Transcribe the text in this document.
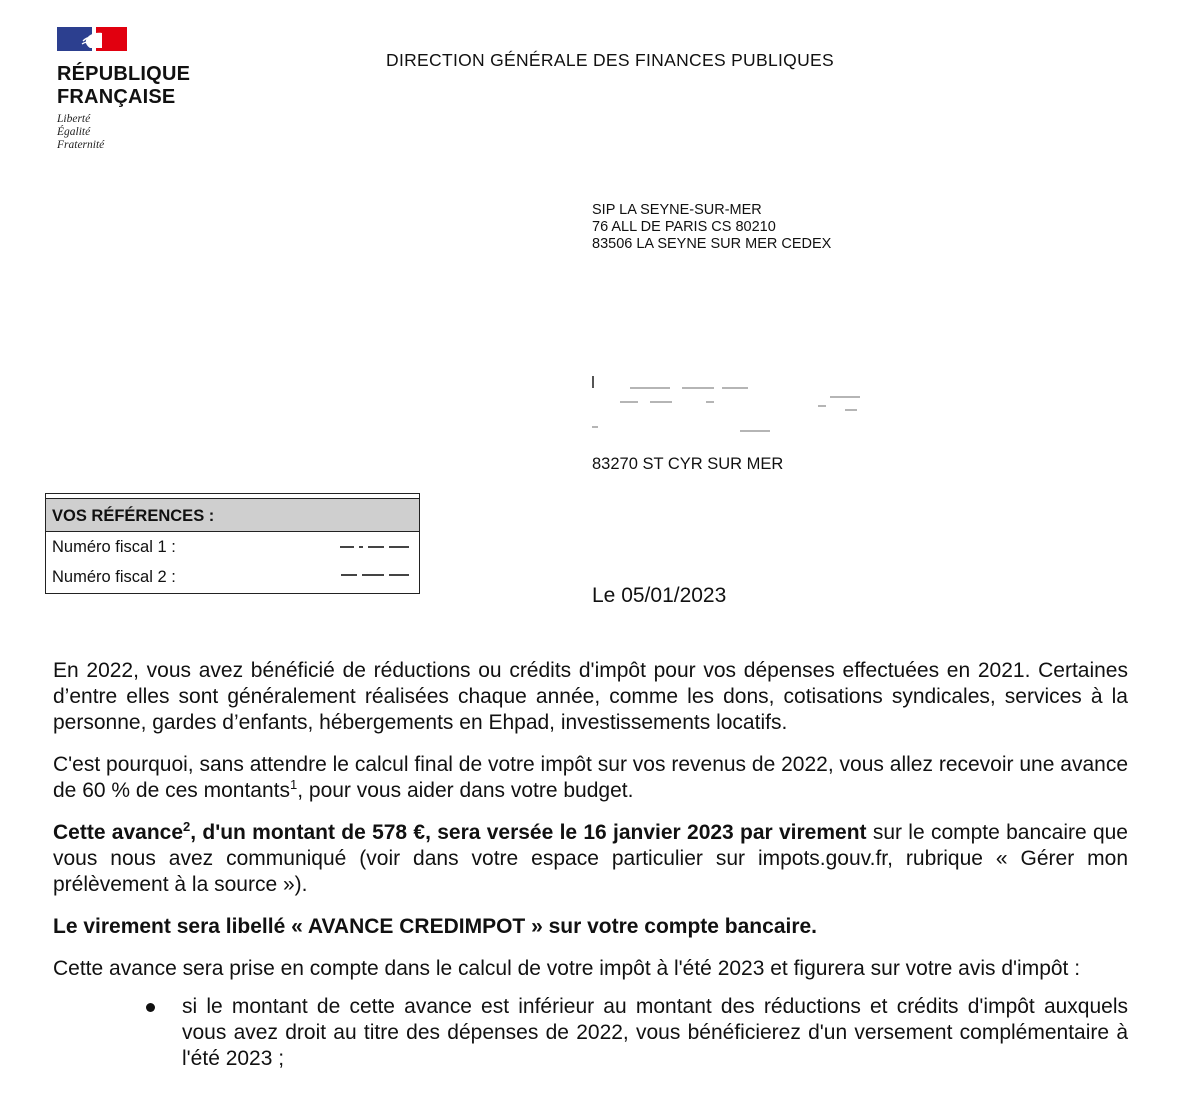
RÉPUBLIQUE
FRANÇAISE
Liberté
Égalité
Fraternité
DIRECTION GÉNÉRALE DES FINANCES PUBLIQUES
SIP LA SEYNE-SUR-MER
76 ALL DE PARIS CS 80210
83506 LA SEYNE SUR MER CEDEX
83270 ST CYR SUR MER
VOS RÉFÉRENCES :
Numéro fiscal 1 :
Numéro fiscal 2 :
Le 05/01/2023

En 2022, vous avez bénéficié de réductions ou crédits d'impôt pour vos dépenses effectuées en 2021. Certaines d’entre elles sont généralement réalisées chaque année, comme les dons, cotisations syndicales, services à la personne, gardes d’enfants, hébergements en Ehpad, investissements locatifs.

C'est pourquoi, sans attendre le calcul final de votre impôt sur vos revenus de 2022, vous allez recevoir une avance de 60 % de ces montants$^1$, pour vous aider dans votre budget.

Cette avance$^2$, d'un montant de 578 €, sera versée le 16 janvier 2023 par virement sur le compte bancaire que vous nous avez communiqué (voir dans votre espace particulier sur impots.gouv.fr, rubrique « Gérer mon prélèvement à la source »).

Le virement sera libellé « AVANCE CREDIMPOT » sur votre compte bancaire.

Cette avance sera prise en compte dans le calcul de votre impôt à l'été 2023 et figurera sur votre avis d'impôt :

si le montant de cette avance est inférieur au montant des réductions et crédits d'impôt auxquels vous avez droit au titre des dépenses de 2022, vous bénéficierez d'un versement complémentaire à l'été 2023 ;
